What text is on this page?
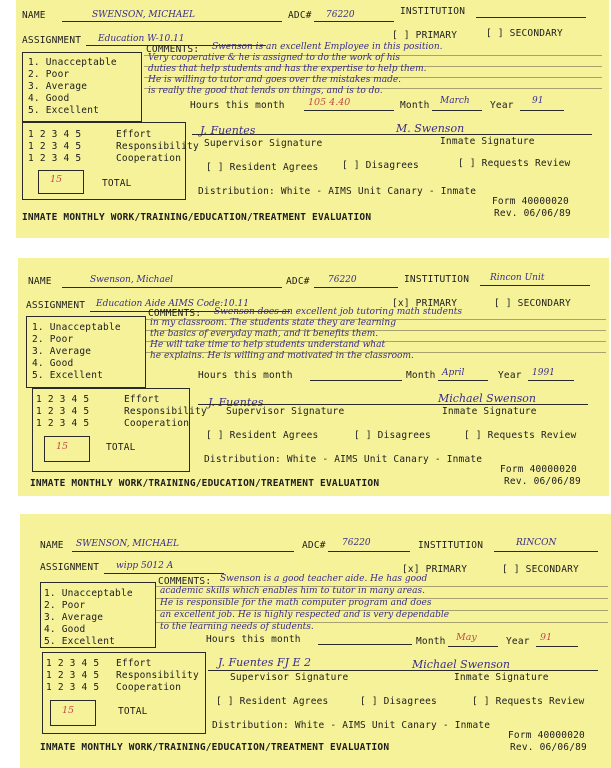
NAME	SWENSON, MICHAEL	ADC# 76220	INSTITUTION
ASSIGNMENT Education W-10.11	[ ] PRIMARY	[ ] SECONDARY
COMMENTS: Swenson is an excellent Employee in this position.
Very cooperative & he is assigned to do the work of his
duties that help students and has the expertise to help them.
He is willing to tutor and goes over the mistakes made.
is really the good that lends on things, and is to do.
1. Unacceptable
2. Poor
3. Average
4. Good
5. Excellent	Hours this month 105 4.40	Month March Year 91
1 2 3 4 5	Effort
1 2 3 4 5	Responsibility
1 2 3 4 5	Cooperation
15	TOTAL
J. Fuentes	M. Swenson
Supervisor Signature	Inmate Signature
[ ] Resident Agrees [ ] Disagrees	[ ] Requests Review
Distribution: White - AIMS Unit Canary - Inmate
Form 40000020
INMATE MONTHLY WORK/TRAINING/EDUCATION/TREATMENT EVALUATION	Rev. 06/06/89
NAME	Swenson, Michael	ADC# 76220	INSTITUTION Rincon Unit
ASSIGNMENT Education Aide AIMS Code:10.11	[x] PRIMARY	[ ] SECONDARY
COMMENTS: Swenson does an excellent job tutoring math students
in my classroom. The students state they are learning
the basics of everyday math, and it benefits them.
He will take time to help students understand what
he explains. He is willing and motivated in the classroom.
1. Unacceptable
2. Poor
3. Average
4. Good
5. Excellent	Hours this month	Month April	Year 1991
1 2 3 4 5	Effort
1 2 3 4 5	Responsibility
1 2 3 4 5	Cooperation
15	TOTAL
J. Fuentes	Michael Swenson
Supervisor Signature	Inmate Signature
[ ] Resident Agrees	[ ] Disagrees	[ ] Requests Review
Distribution: White - AIMS Unit Canary - Inmate
Form 40000020
INMATE MONTHLY WORK/TRAINING/EDUCATION/TREATMENT EVALUATION	Rev. 06/06/89
NAME SWENSON, MICHAEL	ADC# 76220	INSTITUTION	RINCON
ASSIGNMENT wipp 5012 A	[x] PRIMARY	[ ] SECONDARY
COMMENTS: Swenson is a good teacher aide. He has good
academic skills which enables him to tutor in many areas.
He is responsible for the math computer program and does
an excellent job. He is highly respected and is very dependable
to the learning needs of students.
1. Unacceptable
2. Poor
3. Average
4. Good
5. Excellent	Hours this month	Month May	Year 91
1 2 3 4 5 Effort
1 2 3 4 5 Responsibility
1 2 3 4 5 Cooperation
15	TOTAL
J. Fuentes FJ E 2	Michael Swenson
Supervisor Signature	Inmate Signature
[ ] Resident Agrees	[ ] Disagrees	[ ] Requests Review
Distribution: White - AIMS Unit Canary - Inmate
Form 40000020
INMATE MONTHLY WORK/TRAINING/EDUCATION/TREATMENT EVALUATION	Rev. 06/06/89
